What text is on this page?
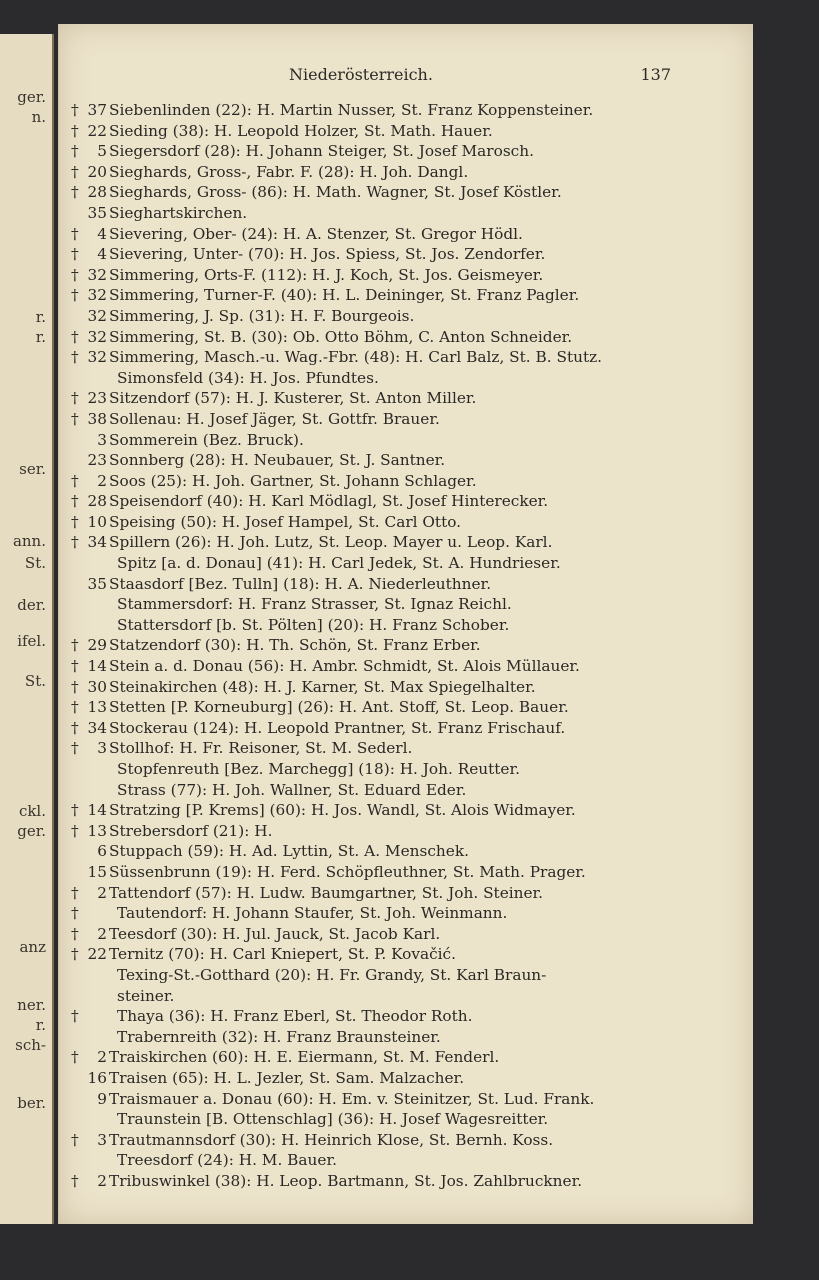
ger.
n.
r.
r.
ser.
ann.
St.
der.
ifel.
St.
ckl.
ger.
anz
ner.
r.
sch-
ber.
Niederösterreich.	137
† 37 Siebenlinden (22): H. Martin Nusser, St. Franz Koppensteiner.
† 22 Sieding (38): H. Leopold Holzer, St. Math. Hauer.
†	5 Siegersdorf (28): H. Johann Steiger, St. Josef Marosch.
† 20 Sieghards, Gross-, Fabr. F. (28): H. Joh. Dangl.
† 28 Sieghards, Gross- (86): H. Math. Wagner, St. Josef Köstler.
35 Sieghartskirchen.
†	4 Sievering, Ober- (24): H. A. Stenzer, St. Gregor Hödl.
†	4 Sievering, Unter- (70): H. Jos. Spiess, St. Jos. Zendorfer.
† 32 Simmering, Orts-F. (112): H. J. Koch, St. Jos. Geismeyer.
† 32 Simmering, Turner-F. (40): H. L. Deininger, St. Franz Pagler.
32 Simmering, J. Sp. (31): H. F. Bourgeois.
† 32 Simmering, St. B. (30): Ob. Otto Böhm, C. Anton Schneider.
† 32 Simmering, Masch.-u. Wag.-Fbr. (48): H. Carl Balz, St. B. Stutz.
Simonsfeld (34): H. Jos. Pfundtes.
† 23 Sitzendorf (57): H. J. Kusterer, St. Anton Miller.
† 38 Sollenau: H. Josef Jäger, St. Gottfr. Brauer.
3 Sommerein (Bez. Bruck).
23 Sonnberg (28): H. Neubauer, St. J. Santner.
†	2 Soos (25): H. Joh. Gartner, St. Johann Schlager.
† 28 Speisendorf (40): H. Karl Mödlagl, St. Josef Hinterecker.
† 10 Speising (50): H. Josef Hampel, St. Carl Otto.
† 34 Spillern (26): H. Joh. Lutz, St. Leop. Mayer u. Leop. Karl.
Spitz [a. d. Donau] (41): H. Carl Jedek, St. A. Hundrieser.
35 Staasdorf [Bez. Tulln] (18): H. A. Niederleuthner.
Stammersdorf: H. Franz Strasser, St. Ignaz Reichl.
Stattersdorf [b. St. Pölten] (20): H. Franz Schober.
† 29 Statzendorf (30): H. Th. Schön, St. Franz Erber.
† 14 Stein a. d. Donau (56): H. Ambr. Schmidt, St. Alois Müllauer.
† 30 Steinakirchen (48): H. J. Karner, St. Max Spiegelhalter.
† 13 Stetten [P. Korneuburg] (26): H. Ant. Stoff, St. Leop. Bauer.
† 34 Stockerau (124): H. Leopold Prantner, St. Franz Frischauf.
†	3 Stollhof: H. Fr. Reisoner, St. M. Sederl.
Stopfenreuth [Bez. Marchegg] (18): H. Joh. Reutter.
Strass (77): H. Joh. Wallner, St. Eduard Eder.
† 14 Stratzing [P. Krems] (60): H. Jos. Wandl, St. Alois Widmayer.
† 13 Strebersdorf (21): H.
6 Stuppach (59): H. Ad. Lyttin, St. A. Menschek.
15 Süssenbrunn (19): H. Ferd. Schöpfleuthner, St. Math. Prager.
†	2 Tattendorf (57): H. Ludw. Baumgartner, St. Joh. Steiner.
†	Tautendorf: H. Johann Staufer, St. Joh. Weinmann.
†	2 Teesdorf (30): H. Jul. Jauck, St. Jacob Karl.
† 22 Ternitz (70): H. Carl Kniepert, St. P. Kovačić.
Texing-St.-Gotthard (20): H. Fr. Grandy, St. Karl Braun-
steiner.
†	Thaya (36): H. Franz Eberl, St. Theodor Roth.
Trabernreith (32): H. Franz Braunsteiner.
†	2 Traiskirchen (60): H. E. Eiermann, St. M. Fenderl.
16 Traisen (65): H. L. Jezler, St. Sam. Malzacher.
9 Traismauer a. Donau (60): H. Em. v. Steinitzer, St. Lud. Frank.
Traunstein [B. Ottenschlag] (36): H. Josef Wagesreitter.
†	3 Trautmannsdorf (30): H. Heinrich Klose, St. Bernh. Koss.
Treesdorf (24): H. M. Bauer.
†	2 Tribuswinkel (38): H. Leop. Bartmann, St. Jos. Zahlbruckner.
